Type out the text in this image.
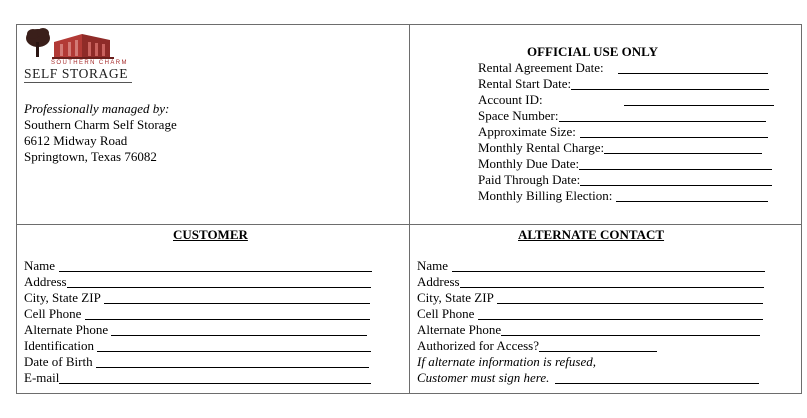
SOUTHERN CHARM
SELF STORAGE
Professionally managed by:
Southern Charm Self Storage
6612 Midway Road
Springtown, Texas 76082
OFFICIAL USE ONLY
Rental Agreement Date:
Rental Start Date:
Account ID:
Space Number:
Approximate Size:
Monthly Rental Charge:
Monthly Due Date:
Paid Through Date:
Monthly Billing Election:
CUSTOMER
Name
Address
City, State ZIP
Cell Phone
Alternate Phone
Identification
Date of Birth
E-mail
ALTERNATE CONTACT
Name
Address
City, State ZIP
Cell Phone
Alternate Phone
Authorized for Access?
If alternate information is refused,
Customer must sign here.
